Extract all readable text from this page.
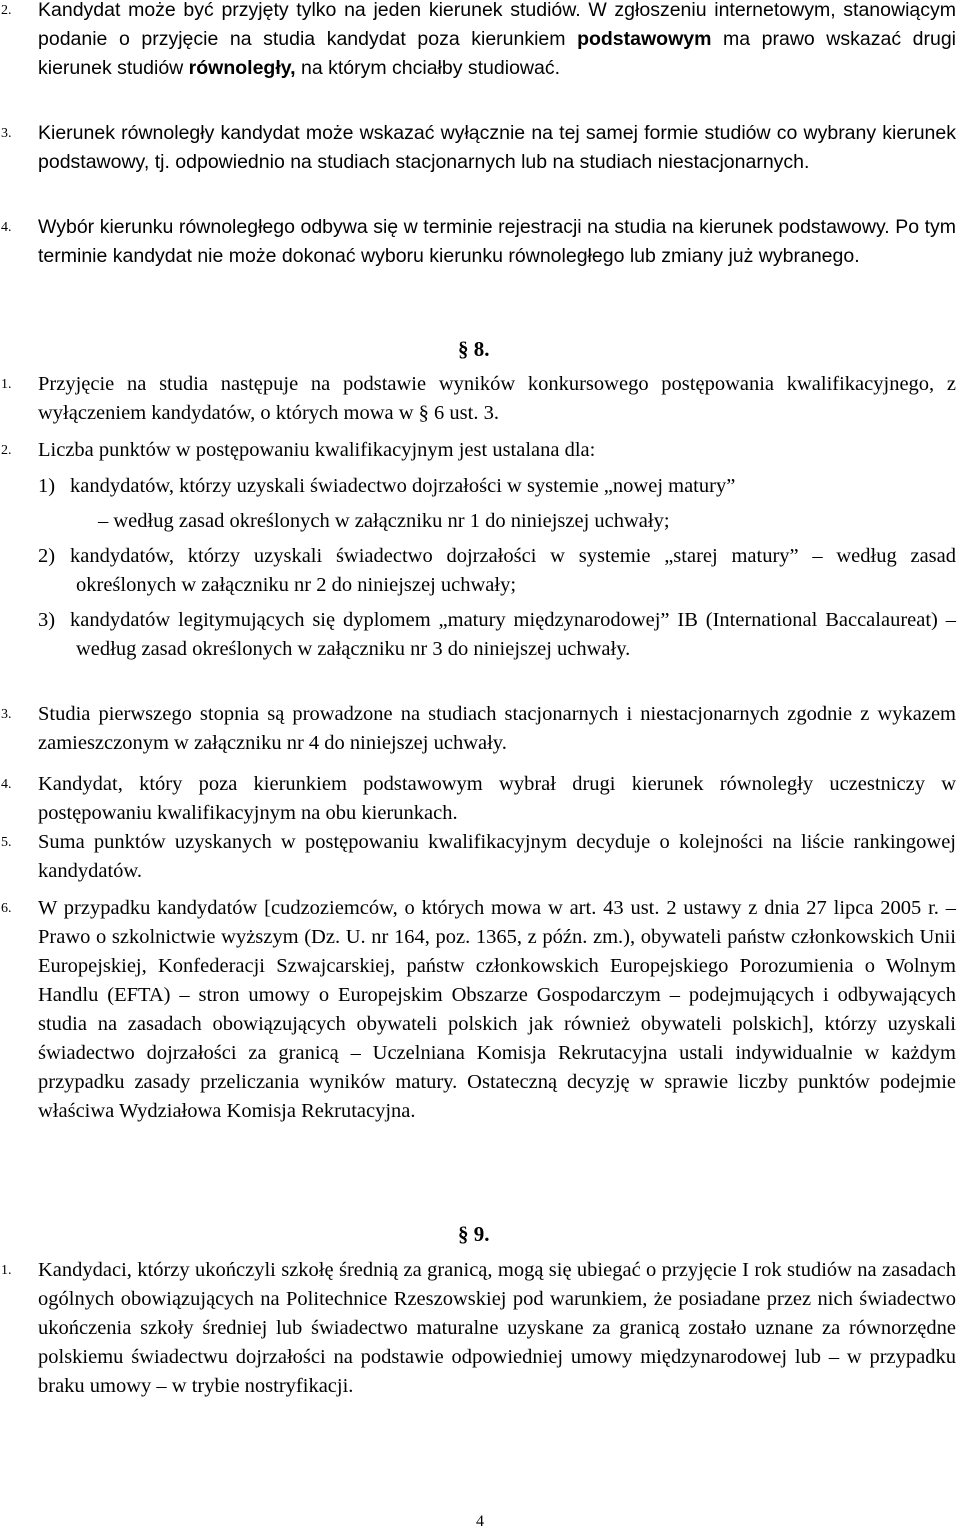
2. Kandydat może być przyjęty tylko na jeden kierunek studiów. W zgłoszeniu internetowym, stanowiącym podanie o przyjęcie na studia kandydat poza kierunkiem podstawowym ma prawo wskazać drugi kierunek studiów równoległy, na którym chciałby studiować.
3. Kierunek równoległy kandydat może wskazać wyłącznie na tej samej formie studiów co wybrany kierunek podstawowy, tj. odpowiednio na studiach stacjonarnych lub na studiach niestacjonarnych.
4. Wybór kierunku równoległego odbywa się w terminie rejestracji na studia na kierunek podstawowy. Po tym terminie kandydat nie może dokonać wyboru kierunku równoległego lub zmiany już wybranego.
§ 8.
1. Przyjęcie na studia następuje na podstawie wyników konkursowego postępowania kwalifikacyjnego, z wyłączeniem kandydatów, o których mowa w § 6 ust. 3.
2. Liczba punktów w postępowaniu kwalifikacyjnym jest ustalana dla:
1) kandydatów, którzy uzyskali świadectwo dojrzałości w systemie „nowej matury”
– według zasad określonych w załączniku nr 1 do niniejszej uchwały;
2) kandydatów, którzy uzyskali świadectwo dojrzałości w systemie „starej matury” – według zasad określonych w załączniku nr 2 do niniejszej uchwały;
3) kandydatów legitymujących się dyplomem „matury międzynarodowej” IB (International Baccalaureat) – według zasad określonych w załączniku nr 3 do niniejszej uchwały.
3. Studia pierwszego stopnia są prowadzone na studiach stacjonarnych i niestacjonarnych zgodnie z wykazem zamieszczonym w załączniku nr 4 do niniejszej uchwały.
4. Kandydat, który poza kierunkiem podstawowym wybrał drugi kierunek równoległy uczestniczy w postępowaniu kwalifikacyjnym na obu kierunkach.
5. Suma punktów uzyskanych w postępowaniu kwalifikacyjnym decyduje o kolejności na liście rankingowej kandydatów.
6. W przypadku kandydatów [cudzoziemców, o których mowa w art. 43 ust. 2 ustawy z dnia 27 lipca 2005 r. – Prawo o szkolnictwie wyższym (Dz. U. nr 164, poz. 1365, z późn. zm.), obywateli państw członkowskich Unii Europejskiej, Konfederacji Szwajcarskiej, państw członkowskich Europejskiego Porozumienia o Wolnym Handlu (EFTA) – stron umowy o Europejskim Obszarze Gospodarczym – podejmujących i odbywających studia na zasadach obowiązujących obywateli polskich jak również obywateli polskich], którzy uzyskali świadectwo dojrzałości za granicą – Uczelniana Komisja Rekrutacyjna ustali indywidualnie w każdym przypadku zasady przeliczania wyników matury. Ostateczną decyzję w sprawie liczby punktów podejmie właściwa Wydziałowa Komisja Rekrutacyjna.
§ 9.
1. Kandydaci, którzy ukończyli szkołę średnią za granicą, mogą się ubiegać o przyjęcie I rok studiów na zasadach ogólnych obowiązujących na Politechnice Rzeszowskiej pod warunkiem, że posiadane przez nich świadectwo ukończenia szkoły średniej lub świadectwo maturalne uzyskane za granicą zostało uznane za równorzędne polskiemu świadectwu dojrzałości na podstawie odpowiedniej umowy międzynarodowej lub – w przypadku braku umowy – w trybie nostryfikacji.
4
